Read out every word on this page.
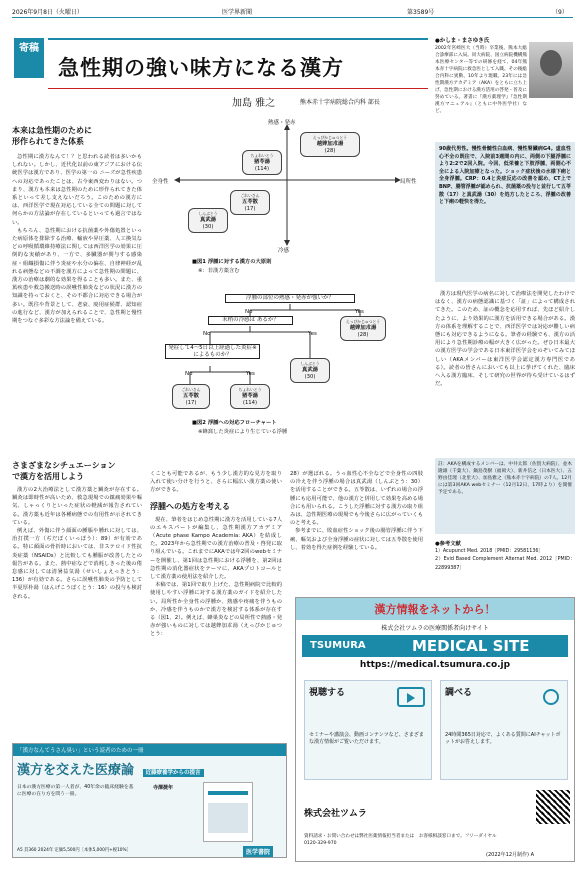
2026年9月8日（火曜日）	医学界新聞	第3589号	（9）
寄稿
急性期の強い味方になる漢方
加島 雅之	熊本赤十字病院総合内科 部長
●かしま・まさゆき氏
2002年宮崎医大（当時）卒業後、熊本大総合診療部に入局。同大病院、国立病院機構熊本医療センター等での研修を経て、04年熊本赤十字病院に救急医として入職。その後総合内科に異動、10年より現職。23年には急性期漢方アカデミア（AKA）をともに立ち上げ、急性期における漢方活用の啓発・普及に努めている。著書に『漢方薬理学』『急性期漢方マニュアル』（ともに中外医学社）など。
本来は急性期のために
形作られてきた体系
急性期に漢方なんて！？と思われる読者は多いかもしれない。しかし、近代化以前の東アジアにおける伝統医学は漢方であり、医学の第一の ニーズが急性疾患への対応であったことは、古今東西変わりはない。つまり、漢方も本来は急性期のために形作られてきた体系といって差し支えないだろう。このための漢方には、西洋医学で現在対応している全ての問題に対して何らかの方法論が存在しているといっても過言ではない。
もちろん、急性期における抗菌薬や外傷処置といった病原体を排除する治療、輸液や昇圧薬、人工換気などの呼吸循環維持療法に関しては西洋医学の効果に圧倒的な実績があり、一方で、多臓器が関与する感染症・組織損傷に伴う炎症や水分の偏在、自律神経が乱れる病態などの不調を漢方によって急性期の問題に、漢方の治療は劇的な効果を得ることも多い。また、重篤疾患や救急搬送時の誤嚥性肺炎などの状況に漢方の知識を持っておくと、その不都合に対応できる場合が多い。既往や背景として、老衰、廃用症候群、認知症の進行など、漢方が加えられることで、急性期と慢性期をつなぐ多彩な方法論を備えている。
さまざまなシチュエーション
で漢方を活用しよう
漢方の2大治療法として漢方薬と鍼灸が存在する。鍼灸は即時性が高いため、救急現場での鎮痛効果や嘔気、しゃっくりといった症状の軽減が報告されている。漢方薬も近年は各種病態での有用性が示されてきている。
例えば、外傷に伴う顔面の腫脹や腫れに対しては、治打撲一方（ぢだぼくいっぽう）：89）が有効である。特に顔面の骨折時においては、非ステロイド性抗炎症薬（NSAIDs）と比較しても腫脹が改善したとの報告がある。また、熱中症などで消耗しきった後の倦怠感に対しては清暑益気湯（せいしょえっきとう：136）が有効である。さらに誤嚥性肺炎の予防として半夏厚朴湯（はんげこうぼくとう：16）の投与も検討される。
熱感・発赤
冷感
全身性	局所性
えっぴかじゅつとう
越婢加朮湯
(28)
ちょれいとう
猪苓湯
(114)
ごれいさん
五苓散
(17)
しんぶとう
真武湯
(30)
■図1 浮腫に対する漢方の大原則
※：非漢方薬含む
浮腫の部位の熱感・発赤が強いか？
No	Yes
末梢の冷感は あるか？	えっぴかじゅつとう
越婢加朮湯
(28)
No	Yes
発症して4〜5日以上経過した炎症※によるものか？
しんぶとう
真武湯
(30)
No	Yes
ごれいさん
五苓散
(17)
ちょれいとう
猪苓湯
(114)
■図2 浮腫への対応フローチャート
※蜂窩した炎症により生じている浮腫
くことも可能であるが、もう少し漢方的な見方を取り入れて使い分けを行うと、さらに幅広い漢方薬の使い方ができる。
浮腫への処方を考える
現在、筆者をはじめ急性期に漢方を活用している7人のエキスパートが編集し、急性期漢方アカデミア（Acute phase Kampo Academia: AKA）を結成した。2023年から急性期での漢方治療の普及・啓発に取り組んでいる。これまでにAKAでは年2回のwebセミナーを開催し、第1回は急性期における浮腫を、第2回は急性期の消化器症状をテーマに、AKAプロトコールとして漢方薬の使用法を紹介した。
本稿では、第1回で取り上げた、急性期病院で比較的使用しやすい浮腫に対する漢方薬のガイドを紹介したい。局所性か全身性の浮腫か、熱感や疼痛を伴うものか、冷感を伴うものかで漢方を検討する体系が存在する（図1、2）。例えば、蜂巣炎などの局所性で熱感・発赤が強いものに対しては越婢加朮湯（えっぴかじゅつとう：
28）が選ばれる。うっ血性心不全などで全身性の四肢の冷えを伴う浮腫の場合は真武湯（しんぶとう：30）を活用することができる。五苓散は、いずれの場合の浮腫にも応用可能で、他の漢方と併用して効果を高める場合にも用いられる。こうした浮腫に対する漢方の取り組みは、急性期医療の現場でも今後さらに広がっていくものと考える。
参考までに、敗血症性ショック後の腸管浮腫に伴う下痢、嘔気および全身浮腫の症状に対しては五苓散を使用し、着効を得た症例を経験している。
90歳代男性。慢性骨髄性白血病、慢性腎臓病G4。虚血性心不全の既往で、入院前3週間の内に、両側の下腿浮腫により2:2で2回入院。今回、低栄養と下肢浮腫、両側心不全による入院加療となった。ショック症状後の水様下痢と全身浮腫。CRP：0.4と炎症反応の改善を認め、CT上でBNP、腸管浮腫が認められ、抗菌薬の投与と並行して五苓散（17）と真武湯（30）を処方したところ、浮腫の改善と下痢の軽快を得た。
漢方は現代医学の病名に対して治療法を開発したわけではなく、漢方の病態認識に基づく「証」によって構成されてきた。このため、証の概念を応用すれば、先ほど紹介したように、より効果的に漢方を活用できる場合がある。漢方の体系を理解することで、西洋医学では対応が難しい病態にも対応できるようになる。筆者の経験でも、漢方の活用により急性期診療の幅が大きく広がった。ぜひ日本最大の漢方医学の学会である日本東洋医学会をのぞいてみてほしい（AKAメンバーは東洋医学会認定漢方専門医である）。読者の皆さんにおいても以上に挙げてくれた、臨床へ入る漢方臨床、そして研究の世界が待ち受けているはずだ。
註：AKAを構成するメンバーは、中井太郎（佐賀大病院）、並木隆雄（千葉大）、鍋島茂樹（福岡大）、新井信之（日本医大）、五野由佳理（北里大）、加島雅之（熊本赤十字病院）の7人。12月には第3回AKA webセミナー（12月12日、17時より）を開催予定である。
●参考文献
1）Acupunct Med. 2018［PMID：29581136］
2）Evid Based Complement Alternat Med. 2012［PMID：22899387］
「漢方なんてうさん臭い」という読者のための一冊
漢方を交えた医療論 近藤療養学からの提言
日本の漢方医療の第一人者が、40年余の臨床経験を基に医療の在り方を問う一冊。
寺澤捷年
A5 頁360 2024年 定価5,500円［本体5,000円+税10%］	医学書院
漢方情報をネットから！
株式会社ツムラの医療関係者向けサイト
TSUMURA	MEDICAL SITE
https://medical.tsumura.co.jp
視聴する
セミナーや講演会、動画コンテンツなど、さまざまな漢方情報がご覧いただけます。
調べる
24時間365日対応で、よくある質問にAIチャットボットがお答えします。
株式会社ツムラ
資料請求・お問い合わせは弊社医薬情報担当者または　お客様相談窓口まで。フリーダイヤル 0120-329-970
(2022年12月制作) A
